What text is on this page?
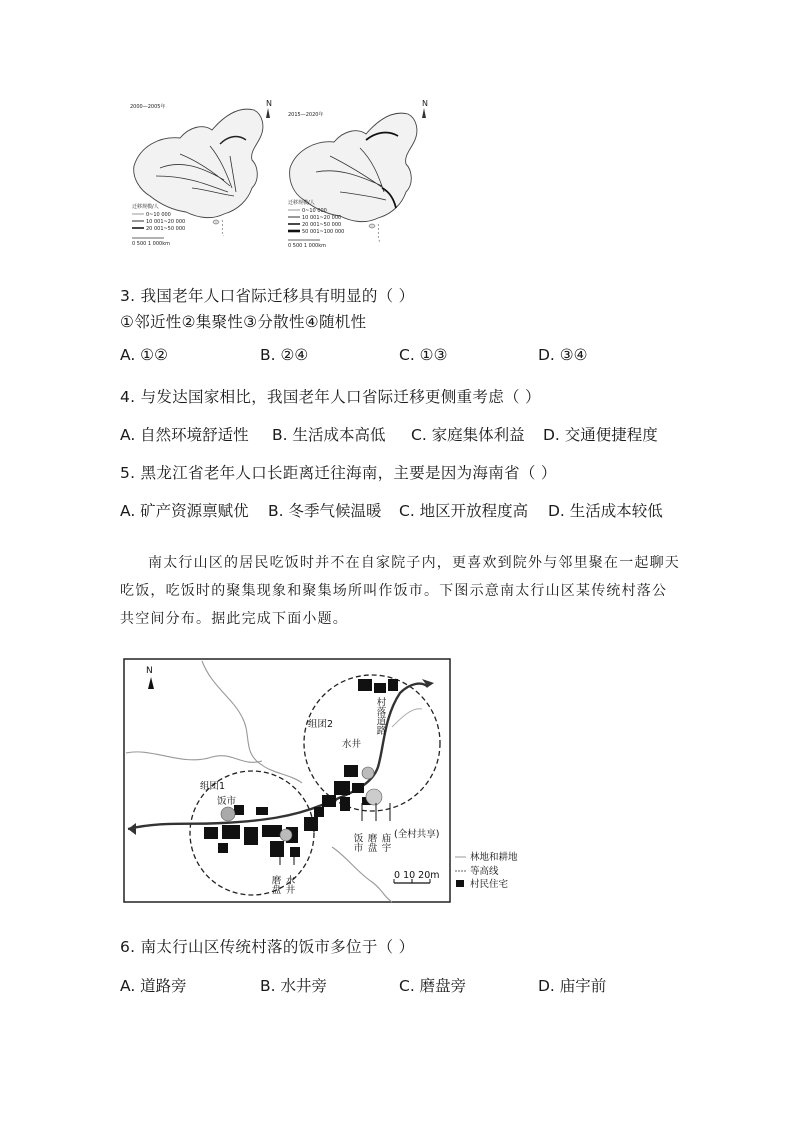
2000—2005年	N
迁移规模/人
0~10 000
10 001~20 000
20 001~50 000
0 500 1 000km
2015—2020年
N
迁移规模/人
0~10 000
10 001~20 000
20 001~50 000
50 001~100 000
0 500 1 000km
3. 我国老年人口省际迁移具有明显的（ ）
①邻近性②集聚性③分散性④随机性
A. ①②	B. ②④	C. ①③	D. ③④
4. 与发达国家相比，我国老年人口省际迁移更侧重考虑（ ）
A. 自然环境舒适性 B. 生活成本高低 C. 家庭集体利益 D. 交通便捷程度
5. 黑龙江省老年人口长距离迁往海南，主要是因为海南省（ ）
A. 矿产资源禀赋优 B. 冬季气候温暖 C. 地区开放程度高 D. 生活成本较低
南太行山区的居民吃饭时并不在自家院子内，更喜欢到院外与邻里聚在一起聊天吃饭，吃饭时的聚集现象和聚集场所叫作饭市。下图示意南太行山区某传统村落公共空间分布。据此完成下面小题。
N
组团1
饭市
组团2
水井
村落道路
饭市 磨盘 庙宇 (全村共享)
磨盘 水井	0 10 20m
林地和耕地
等高线
村民住宅
6. 南太行山区传统村落的饭市多位于（ ）
A. 道路旁	B. 水井旁	C. 磨盘旁	D. 庙宇前
